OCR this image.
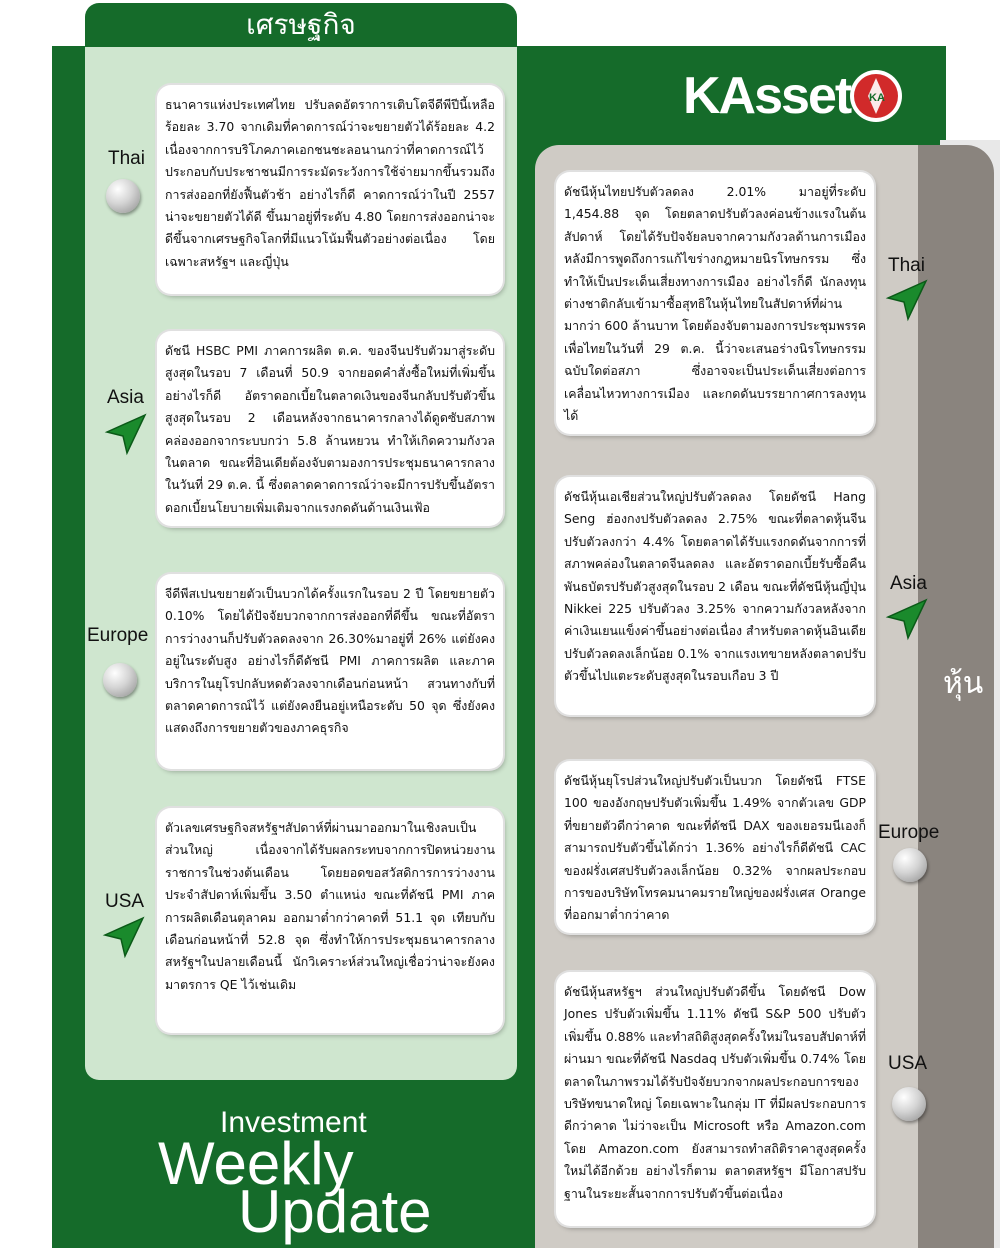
เศรษฐกิจ
หุ้น
KAsset KA
Thai
ธนาคารแห่งประเทศไทย ปรับลดอัตราการเติบโตจีดีพีปีนี้เหลือร้อยละ 3.70 จากเดิมที่คาดการณ์ว่าจะขยายตัวได้ร้อยละ 4.2 เนื่องจากการบริโภคภาคเอกชนชะลอนานกว่าที่คาดการณ์ไว้ ประกอบกับประชาชนมีการระมัดระวังการใช้จ่ายมากขึ้นรวมถึงการส่งออกที่ยังฟื้นตัวช้า อย่างไรก็ดี คาดการณ์ว่าในปี 2557 น่าจะขยายตัวได้ดี ขึ้นมาอยู่ที่ระดับ 4.80 โดยการส่งออกน่าจะดีขึ้นจากเศรษฐกิจโลกที่มีแนวโน้มฟื้นตัวอย่างต่อเนื่อง โดยเฉพาะสหรัฐฯ และญี่ปุ่น
Asia
ดัชนี HSBC PMI ภาคการผลิต ต.ค. ของจีนปรับตัวมาสู่ระดับสูงสุดในรอบ 7 เดือนที่ 50.9 จากยอดคำสั่งซื้อใหม่ที่เพิ่มขึ้น อย่างไรก็ดี อัตราดอกเบี้ยในตลาดเงินของจีนกลับปรับตัวขึ้นสูงสุดในรอบ 2 เดือนหลังจากธนาคารกลางได้ดูดซับสภาพคล่องออกจากระบบกว่า 5.8 ล้านหยวน ทำให้เกิดความกังวลในตลาด ขณะที่อินเดียต้องจับตามองการประชุมธนาคารกลางในวันที่ 29 ต.ค. นี้ ซึ่งตลาดคาดการณ์ว่าจะมีการปรับขึ้นอัตราดอกเบี้ยนโยบายเพิ่มเติมจากแรงกดดันด้านเงินเฟ้อ
Europe
จีดีพีสเปนขยายตัวเป็นบวกได้ครั้งแรกในรอบ 2 ปี โดยขยายตัว 0.10% โดยได้ปัจจัยบวกจากการส่งออกที่ดีขึ้น ขณะที่อัตราการว่างงานก็ปรับตัวลดลงจาก 26.30%มาอยู่ที่ 26% แต่ยังคงอยู่ในระดับสูง อย่างไรก็ดีดัชนี PMI ภาคการผลิต และภาคบริการในยุโรปกลับหดตัวลงจากเดือนก่อนหน้า สวนทางกับที่ตลาดคาดการณ์ไว้ แต่ยังคงยืนอยู่เหนือระดับ 50 จุด ซึ่งยังคงแสดงถึงการขยายตัวของภาคธุรกิจ
USA
ตัวเลขเศรษฐกิจสหรัฐฯสัปดาห์ที่ผ่านมาออกมาในเชิงลบเป็นส่วนใหญ่ เนื่องจากได้รับผลกระทบจากการปิดหน่วยงานราชการในช่วงต้นเดือน โดยยอดขอสวัสดิการการว่างงานประจำสัปดาห์เพิ่มขึ้น 3.50 ตำแหน่ง ขณะที่ดัชนี PMI ภาคการผลิตเดือนตุลาคม ออกมาต่ำกว่าคาดที่ 51.1 จุด เทียบกับเดือนก่อนหน้าที่ 52.8 จุด ซึ่งทำให้การประชุมธนาคารกลางสหรัฐฯในปลายเดือนนี้ นักวิเคราะห์ส่วนใหญ่เชื่อว่าน่าจะยังคงมาตรการ QE ไว้เช่นเดิม
Thai
ดัชนีหุ้นไทยปรับตัวลดลง 2.01% มาอยู่ที่ระดับ 1,454.88 จุด โดยตลาดปรับตัวลงค่อนข้างแรงในต้นสัปดาห์ โดยได้รับปัจจัยลบจากความกังวลด้านการเมืองหลังมีการพูดถึงการแก้ไขร่างกฎหมายนิรโทษกรรม ซึ่งทำให้เป็นประเด็นเสี่ยงทางการเมือง อย่างไรก็ดี นักลงทุนต่างชาติกลับเข้ามาซื้อสุทธิในหุ้นไทยในสัปดาห์ที่ผ่านมากว่า 600 ล้านบาท โดยต้องจับตามองการประชุมพรรคเพื่อไทยในวันที่ 29 ต.ค. นี้ว่าจะเสนอร่างนิรโทษกรรมฉบับใดต่อสภา ซึ่งอาจจะเป็นประเด็นเสี่ยงต่อการเคลื่อนไหวทางการเมือง และกดดันบรรยากาศการลงทุนได้
Asia
ดัชนีหุ้นเอเชียส่วนใหญ่ปรับตัวลดลง โดยดัชนี Hang Seng ฮ่องกงปรับตัวลดลง 2.75% ขณะที่ตลาดหุ้นจีนปรับตัวลงกว่า 4.4% โดยตลาดได้รับแรงกดดันจากการที่สภาพคล่องในตลาดจีนลดลง และอัตราดอกเบี้ยรับซื้อคืนพันธบัตรปรับตัวสูงสุดในรอบ 2 เดือน ขณะที่ดัชนีหุ้นญี่ปุ่น Nikkei 225 ปรับตัวลง 3.25% จากความกังวลหลังจากค่าเงินเยนแข็งค่าขึ้นอย่างต่อเนื่อง สำหรับตลาดหุ้นอินเดีย ปรับตัวลดลงเล็กน้อย 0.1% จากแรงเทขายหลังตลาดปรับตัวขึ้นไปแตะระดับสูงสุดในรอบเกือบ 3 ปี
Europe
ดัชนีหุ้นยุโรปส่วนใหญ่ปรับตัวเป็นบวก โดยดัชนี FTSE 100 ของอังกฤษปรับตัวเพิ่มขึ้น 1.49% จากตัวเลข GDP ที่ขยายตัวดีกว่าคาด ขณะที่ดัชนี DAX ของเยอรมนีเองก็สามารถปรับตัวขึ้นได้กว่า 1.36% อย่างไรก็ดีดัชนี CAC ของฝรั่งเศสปรับตัวลงเล็กน้อย 0.32% จากผลประกอบการของบริษัทโทรคมนาคมรายใหญ่ของฝรั่งเศส Orange ที่ออกมาต่ำกว่าคาด
USA
ดัชนีหุ้นสหรัฐฯ ส่วนใหญ่ปรับตัวดีขึ้น โดยดัชนี Dow Jones ปรับตัวเพิ่มขึ้น 1.11% ดัชนี S&P 500 ปรับตัวเพิ่มขึ้น 0.88% และทำสถิติสูงสุดครั้งใหม่ในรอบสัปดาห์ที่ผ่านมา ขณะที่ดัชนี Nasdaq ปรับตัวเพิ่มขึ้น 0.74% โดยตลาดในภาพรวมได้รับปัจจัยบวกจากผลประกอบการของบริษัทขนาดใหญ่ โดยเฉพาะในกลุ่ม IT ที่มีผลประกอบการดีกว่าคาด ไม่ว่าจะเป็น Microsoft หรือ Amazon.com โดย Amazon.com ยังสามารถทำสถิติราคาสูงสุดครั้งใหม่ได้อีกด้วย อย่างไรก็ตาม ตลาดสหรัฐฯ มีโอกาสปรับฐานในระยะสั้นจากการปรับตัวขึ้นต่อเนื่อง
Investment
Weekly
Update
